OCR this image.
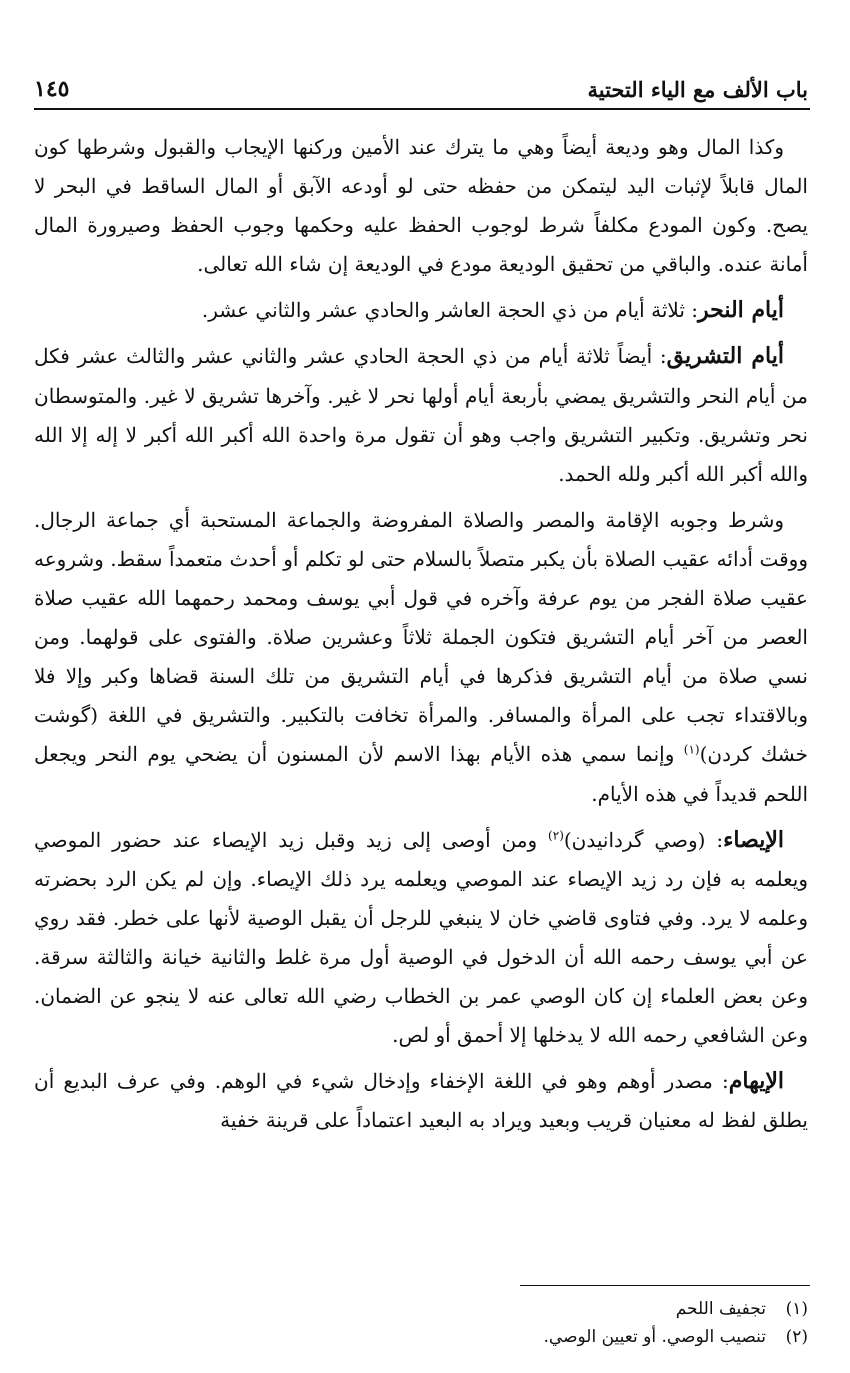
باب الألف مع الياء التحتية
١٤٥

وكذا المال وهو وديعة أيضاً وهي ما يترك عند الأمين وركنها الإيجاب والقبول وشرطها كون المال قابلاً لإثبات اليد ليتمكن من حفظه حتى لو أودعه الآبق أو المال الساقط في البحر لا يصح. وكون المودع مكلفاً شرط لوجوب الحفظ عليه وحكمها وجوب الحفظ وصيرورة المال أمانة عنده. والباقي من تحقيق الوديعة مودع في الوديعة إن شاء الله تعالى.

أيام النحر: ثلاثة أيام من ذي الحجة العاشر والحادي عشر والثاني عشر.

أيام التشريق: أيضاً ثلاثة أيام من ذي الحجة الحادي عشر والثاني عشر والثالث عشر فكل من أيام النحر والتشريق يمضي بأربعة أيام أولها نحر لا غير. وآخرها تشريق لا غير. والمتوسطان نحر وتشريق. وتكبير التشريق واجب وهو أن تقول مرة واحدة الله أكبر الله أكبر لا إله إلا الله والله أكبر الله أكبر ولله الحمد.

وشرط وجوبه الإقامة والمصر والصلاة المفروضة والجماعة المستحبة أي جماعة الرجال. ووقت أدائه عقيب الصلاة بأن يكبر متصلاً بالسلام حتى لو تكلم أو أحدث متعمداً سقط. وشروعه عقيب صلاة الفجر من يوم عرفة وآخره في قول أبي يوسف ومحمد رحمهما الله عقيب صلاة العصر من آخر أيام التشريق فتكون الجملة ثلاثاً وعشرين صلاة. والفتوى على قولهما. ومن نسي صلاة من أيام التشريق فذكرها في أيام التشريق من تلك السنة قضاها وكبر وإلا فلا وبالاقتداء تجب على المرأة والمسافر. والمرأة تخافت بالتكبير. والتشريق في اللغة (گوشت خشك كردن)$^{(١)}$ وإنما سمي هذه الأيام بهذا الاسم لأن المسنون أن يضحي يوم النحر ويجعل اللحم قديداً في هذه الأيام.

الإيصاء: (وصي گردانيدن)$^{(٢)}$ ومن أوصى إلى زيد وقبل زيد الإيصاء عند حضور الموصي ويعلمه به فإن رد زيد الإيصاء عند الموصي ويعلمه يرد ذلك الإيصاء. وإن لم يكن الرد بحضرته وعلمه لا يرد. وفي فتاوى قاضي خان لا ينبغي للرجل أن يقبل الوصية لأنها على خطر. فقد روي عن أبي يوسف رحمه الله أن الدخول في الوصية أول مرة غلط والثانية خيانة والثالثة سرقة. وعن بعض العلماء إن كان الوصي عمر بن الخطاب رضي الله تعالى عنه لا ينجو عن الضمان. وعن الشافعي رحمه الله لا يدخلها إلا أحمق أو لص.

الإيهام: مصدر أوهم وهو في اللغة الإخفاء وإدخال شيء في الوهم. وفي عرف البديع أن يطلق لفظ له معنيان قريب وبعيد ويراد به البعيد اعتماداً على قرينة خفية

(١)
تجفيف اللحم
(٢)
تنصيب الوصي. أو تعيين الوصي.
